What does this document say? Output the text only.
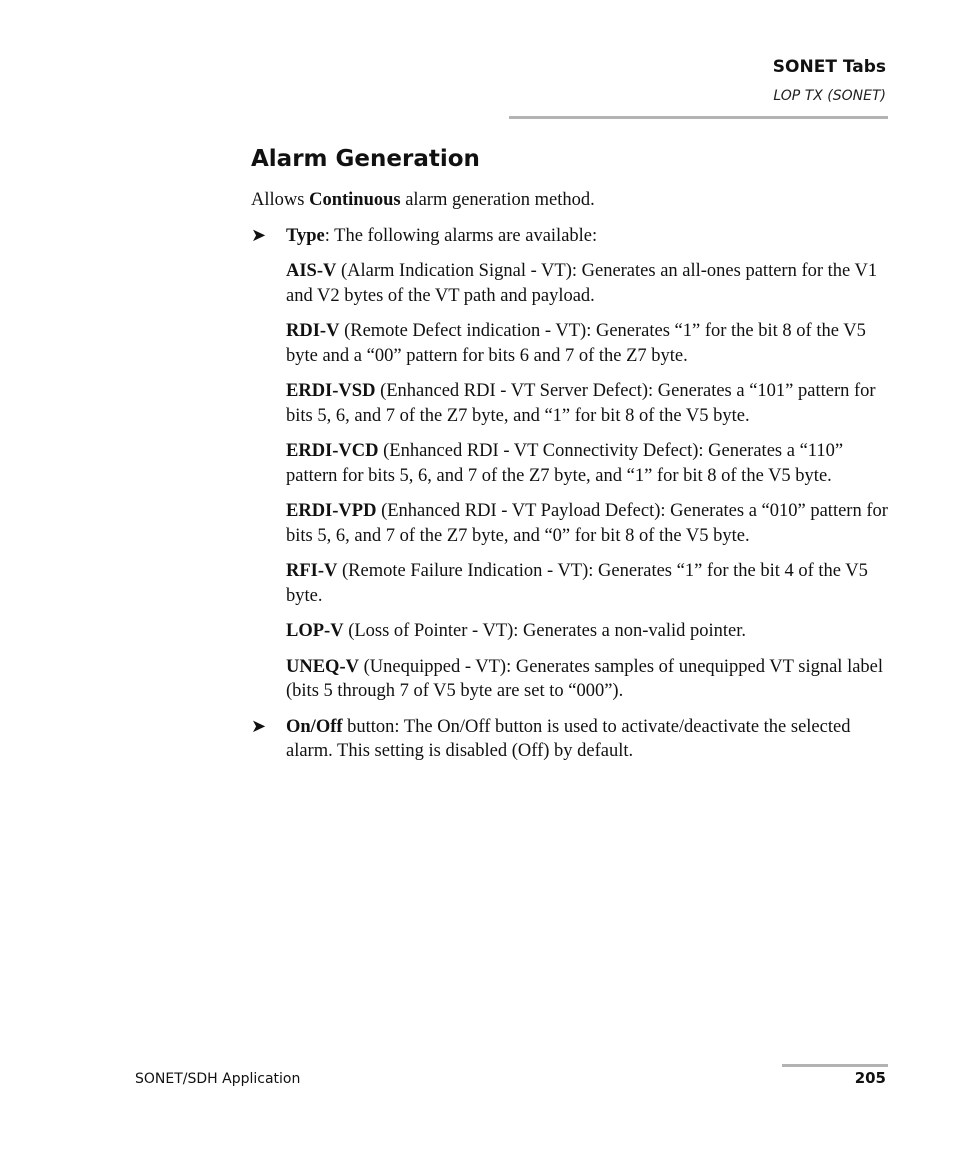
SONET Tabs
LOP TX (SONET)
Alarm Generation

Allows Continuous alarm generation method.

➤ Type: The following alarms are available:

AIS-V (Alarm Indication Signal - VT): Generates an all-ones pattern for the V1 and V2 bytes of the VT path and payload.

RDI-V (Remote Defect indication - VT): Generates “1” for the bit 8 of the V5 byte and a “00” pattern for bits 6 and 7 of the Z7 byte.

ERDI-VSD (Enhanced RDI - VT Server Defect): Generates a “101” pattern for bits 5, 6, and 7 of the Z7 byte, and “1” for bit 8 of the V5 byte.

ERDI-VCD (Enhanced RDI - VT Connectivity Defect): Generates a “110” pattern for bits 5, 6, and 7 of the Z7 byte, and “1” for bit 8 of the V5 byte.

ERDI-VPD (Enhanced RDI - VT Payload Defect): Generates a “010” pattern for bits 5, 6, and 7 of the Z7 byte, and “0” for bit 8 of the V5 byte.

RFI-V (Remote Failure Indication - VT): Generates “1” for the bit 4 of the V5 byte.

LOP-V (Loss of Pointer - VT): Generates a non-valid pointer.

UNEQ-V (Unequipped - VT): Generates samples of unequipped VT signal label (bits 5 through 7 of V5 byte are set to “000”).

➤ On/Off button: The On/Off button is used to activate/deactivate the selected alarm. This setting is disabled (Off) by default.

SONET/SDH Application	205
